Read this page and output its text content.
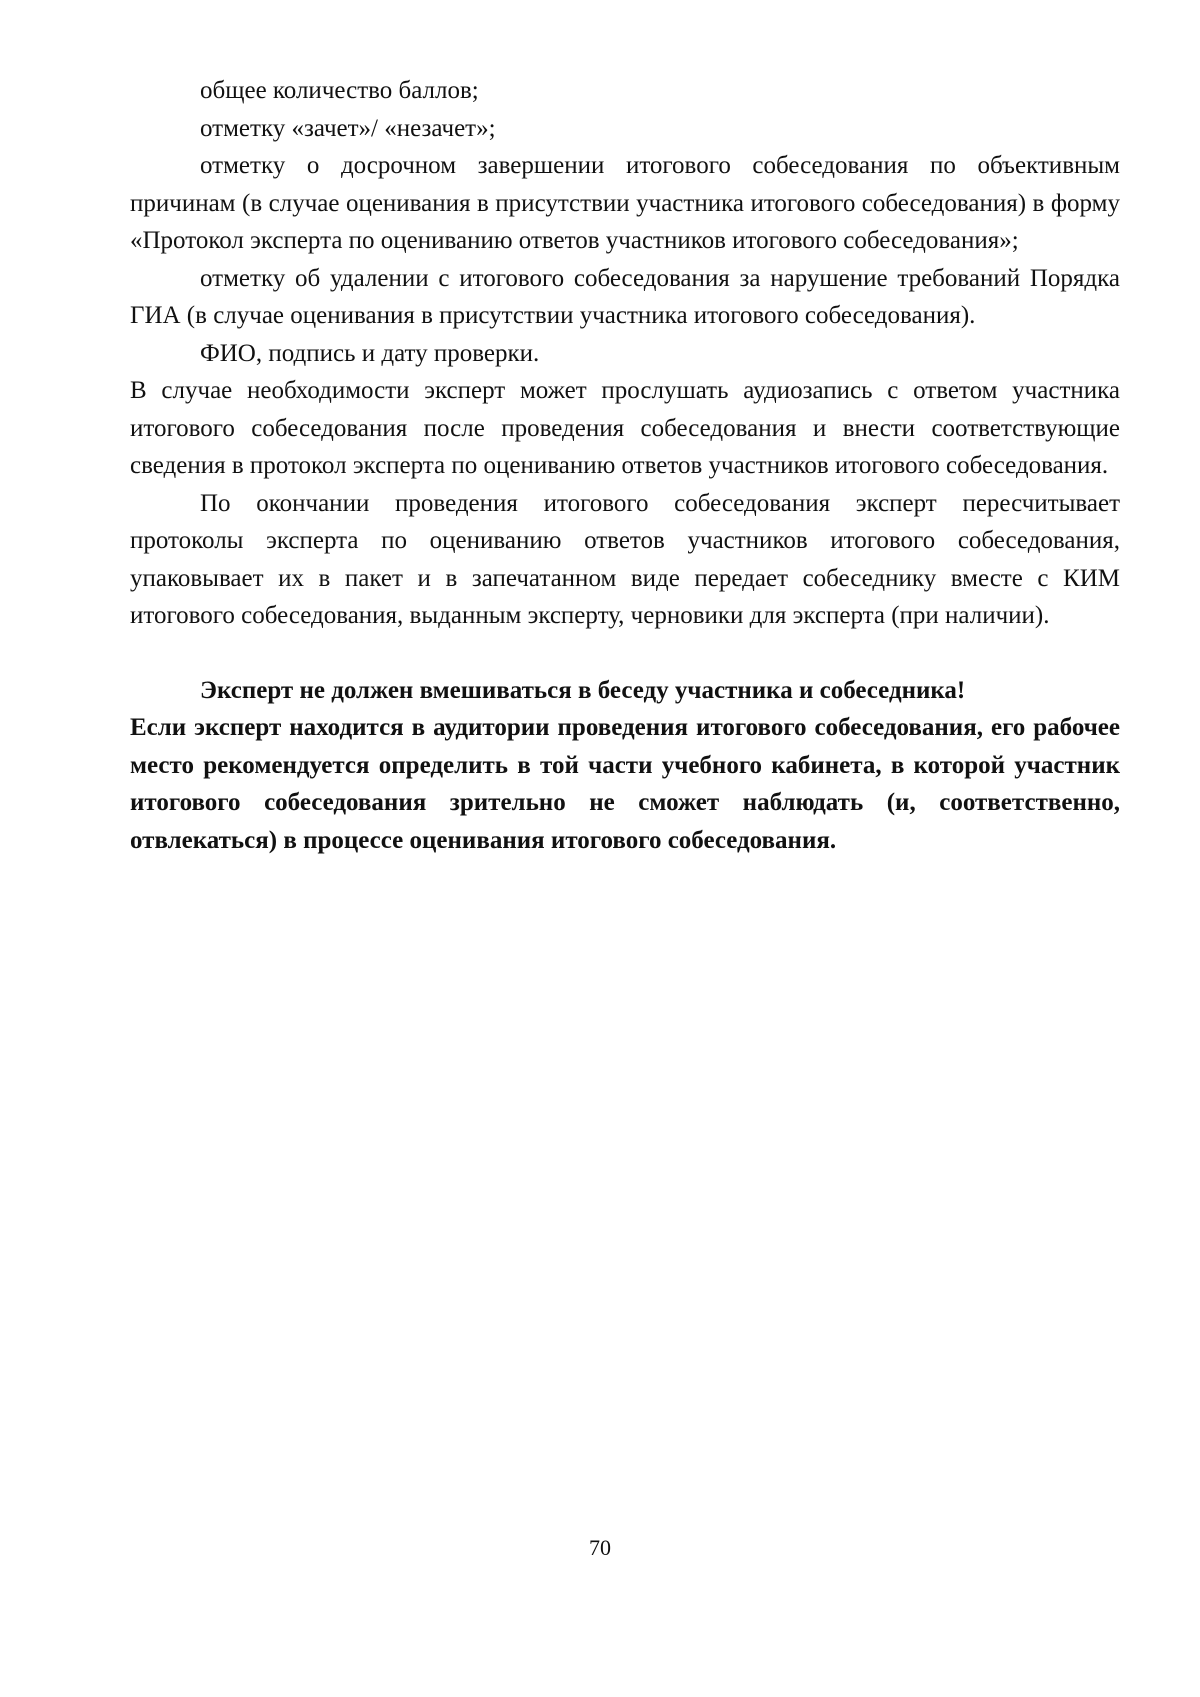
общее количество баллов;

отметку «зачет»/ «незачет»;

отметку о досрочном завершении итогового собеседования по объективным причинам (в случае оценивания в присутствии участника итогового собеседования) в форму «Протокол эксперта по оцениванию ответов участников итогового собеседования»;

отметку об удалении с итогового собеседования за нарушение требований Порядка ГИА (в случае оценивания в присутствии участника итогового собеседования).

ФИО, подпись и дату проверки.

В случае необходимости эксперт может прослушать аудиозапись с ответом участника итогового собеседования после проведения собеседования и внести соответствующие сведения в протокол эксперта по оцениванию ответов участников итогового собеседования.

По окончании проведения итогового собеседования эксперт пересчитывает протоколы эксперта по оцениванию ответов участников итогового собеседования, упаковывает их в пакет и в запечатанном виде передает собеседнику вместе с КИМ итогового собеседования, выданным эксперту, черновики для эксперта (при наличии).

Эксперт не должен вмешиваться в беседу участника и собеседника!

Если эксперт находится в аудитории проведения итогового собеседования, его рабочее место рекомендуется определить в той части учебного кабинета, в которой участник итогового собеседования зрительно не сможет наблюдать (и, соответственно, отвлекаться) в процессе оценивания итогового собеседования.

70
